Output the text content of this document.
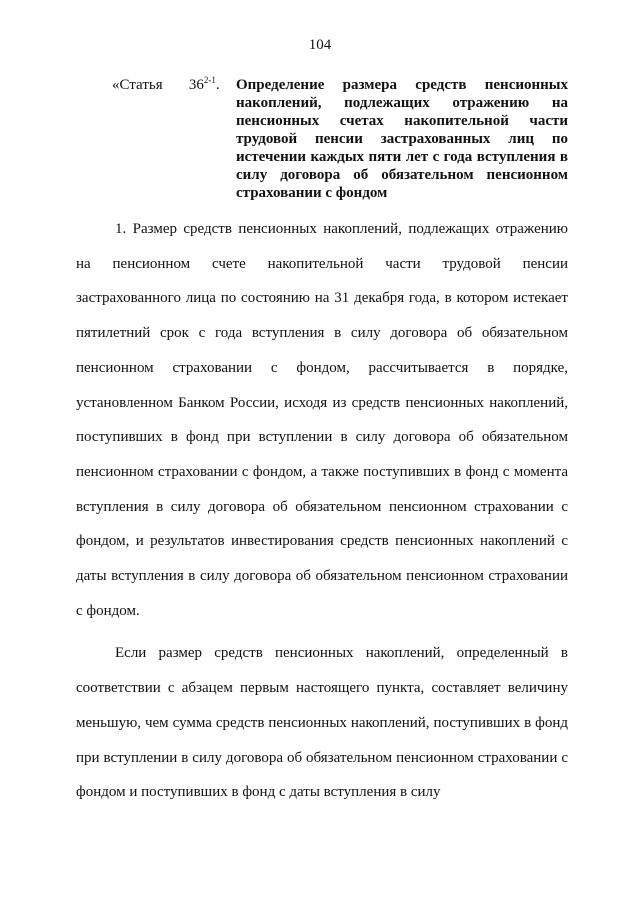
104
«Статья 36$^{2-1}$.	Определение размера средств пенсионных накоплений, подлежащих отражению на пенсионных счетах накопительной части трудовой пенсии застрахованных лиц по истечении каждых пяти лет с года вступления в силу договора об обязательном пенсионном страховании с фондом

1. Размер средств пенсионных накоплений, подлежащих отражению на пенсионном счете накопительной части трудовой пенсии застрахованного лица по состоянию на 31 декабря года, в котором истекает пятилетний срок с года вступления в силу договора об обязательном пенсионном страховании с фондом, рассчитывается в порядке, установленном Банком России, исходя из средств пенсионных накоплений, поступивших в фонд при вступлении в силу договора об обязательном пенсионном страховании с фондом, а также поступивших в фонд с момента вступления в силу договора об обязательном пенсионном страховании с фондом, и результатов инвестирования средств пенсионных накоплений с даты вступления в силу договора об обязательном пенсионном страховании с фондом.

Если размер средств пенсионных накоплений, определенный в соответствии с абзацем первым настоящего пункта, составляет величину меньшую, чем сумма средств пенсионных накоплений, поступивших в фонд при вступлении в силу договора об обязательном пенсионном страховании с фондом и поступивших в фонд с даты вступления в силу
